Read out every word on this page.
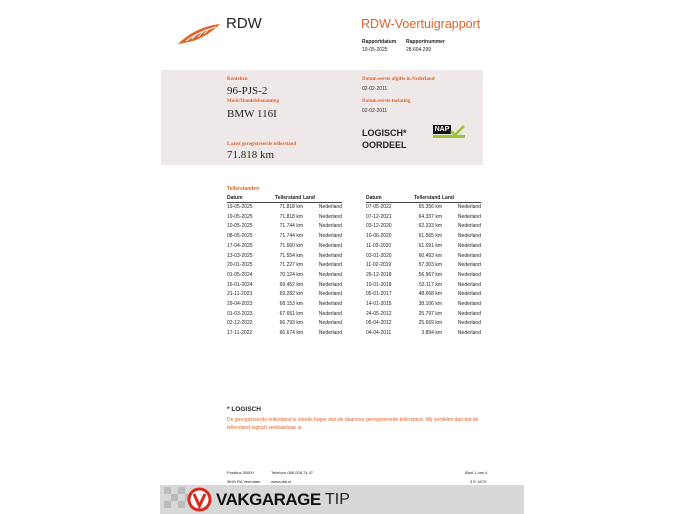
RDW	RDW-Voertuigrapport
Rapportdatum
19-05-2025
Rapportnummer
28.604.299
Kenteken
96-PJS-2
Merk/Handelsbenaming
BMW 116I
Laatst geregistreerde tellerstand
71.818 km
Datum eerste afgifte in Nederland
02-02-2011
Datum eerste toelating
02-02-2011
LOGISCH*
OORDEEL
NAP
Tellerstanden
Datum	Tellerstand	Land
19-05-2025	71.818 km	Nederland
19-05-2025	71.818 km	Nederland
10-05-2025	71.744 km	Nederland
08-05-2025	71.744 km	Nederland
17-04-2025	71.660 km	Nederland
13-03-2025	71.554 km	Nederland
20-01-2025	71.227 km	Nederland
01-05-2024	70.124 km	Nederland
16-01-2024	69.452 km	Nederland
21-11-2023	69.282 km	Nederland
29-04-2023	68.153 km	Nederland
01-03-2023	67.651 km	Nederland
02-12-2022	66.793 km	Nederland
17-11-2022	66.674 km	Nederland
Datum	Tellerstand	Land
07-05-2022	65.356 km	Nederland
07-12-2021	64.337 km	Nederland
03-12-2020	62.333 km	Nederland
10-06-2020	61.565 km	Nederland
11-03-2020	61.091 km	Nederland
03-01-2020	60.493 km	Nederland
11-02-2019	57.303 km	Nederland
26-12-2018	56.967 km	Nederland
10-01-2018	53.117 km	Nederland
05-01-2017	48.668 km	Nederland
14-01-2015	38.106 km	Nederland
24-05-2012	25.797 km	Nederland
05-04-2012	25.669 km	Nederland
04-04-2011	3.894 km	Nederland
* LOGISCH
De geregistreerde tellerstand is steeds hoger dan de daarvoor geregistreerde tellerstand. Wij oordelen dan dat de tellerstand logisch verklaarbaar is.
Postbus 30000
9640 RA Veendam
Telefoon 088-008 74 47
www.rdw.nl
Blad 1 van 4
3 E 1679
VAKGARAGE TIP
